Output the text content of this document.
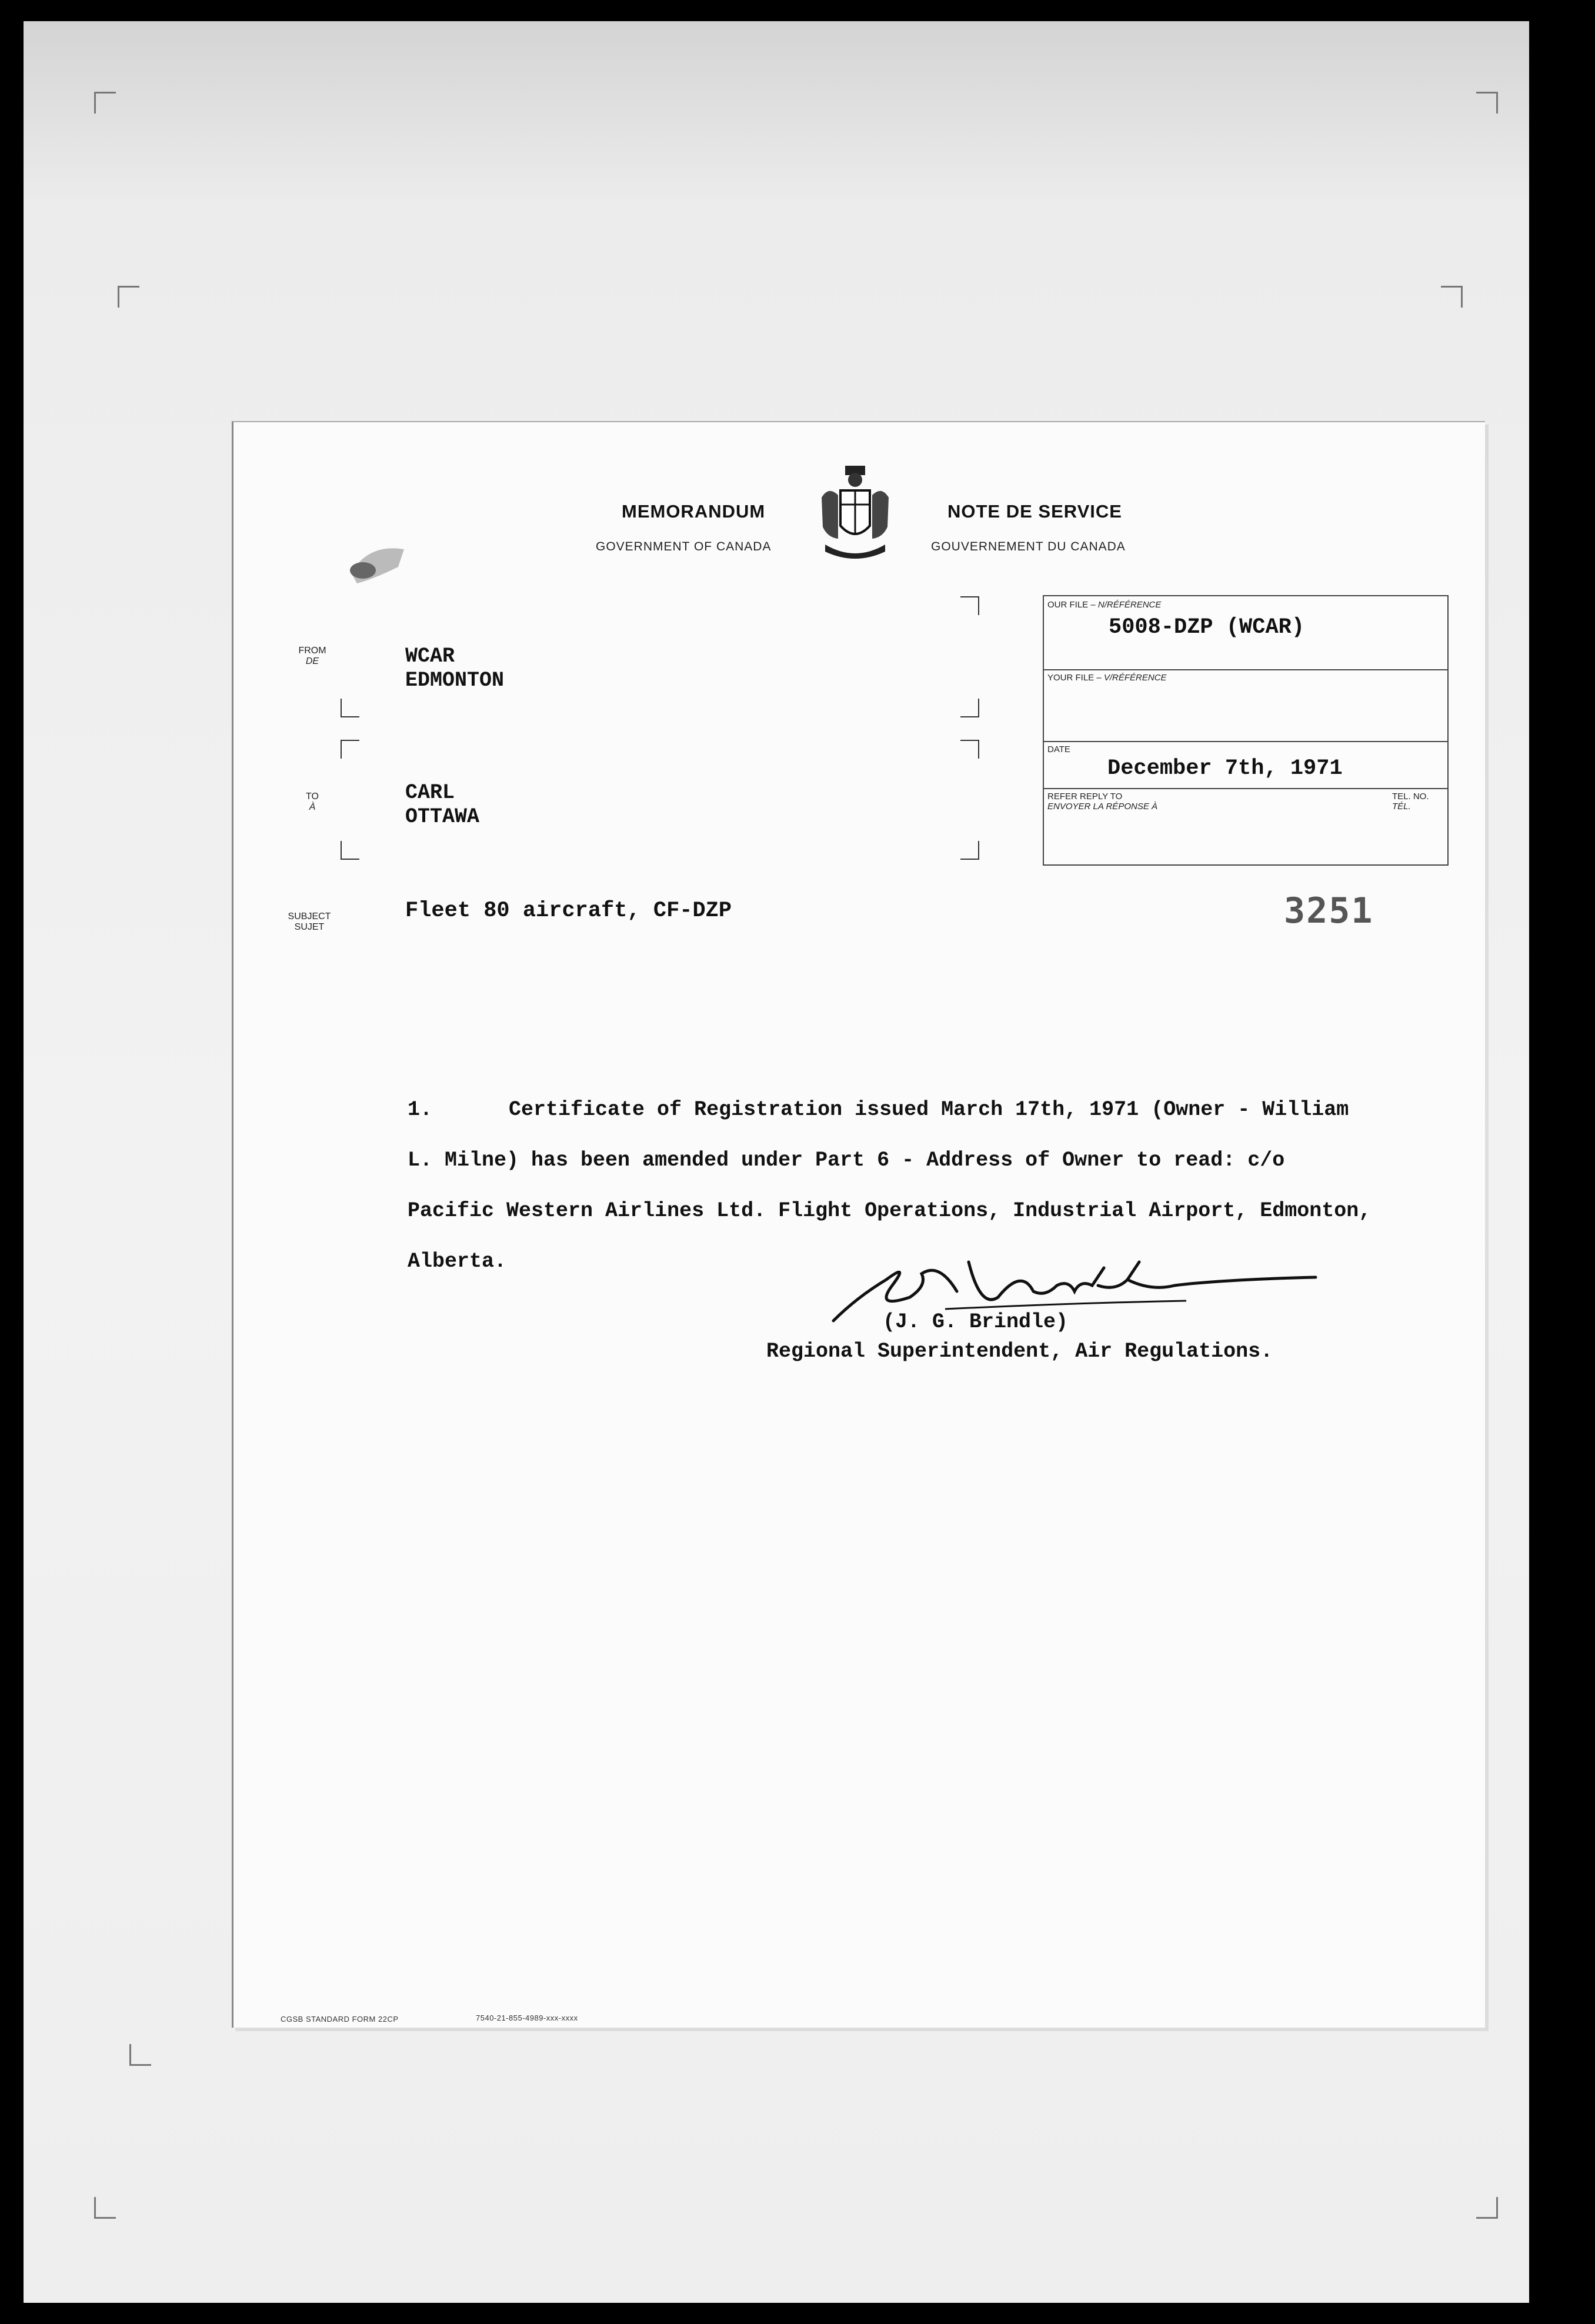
MEMORANDUM	NOTE DE SERVICE
GOVERNMENT OF CANADA	GOUVERNEMENT DU CANADA
FROM
DE	WCAR
EDMONTON
TO
À
CARL
OTTAWA
OUR FILE – N/RÉFÉRENCE
5008-DZP (WCAR)
YOUR FILE – V/RÉFÉRENCE
DATE
December 7th, 1971
REFER REPLY TO
ENVOYER LA RÉPONSE À
TEL. NO.
TÉL.
SUBJECT
SUJET
Fleet 80 aircraft, CF-DZP	3251
1.	Certificate of Registration issued March 17th, 1971 (Owner - William
L. Milne) has been amended under Part 6 - Address of Owner to read: c/o
Pacific Western Airlines Ltd. Flight Operations, Industrial Airport, Edmonton,
Alberta.
(J. G. Brindle)
Regional Superintendent, Air Regulations.
CGSB STANDARD FORM 22CP	7540-21-855-4989-xxx-xxxx
